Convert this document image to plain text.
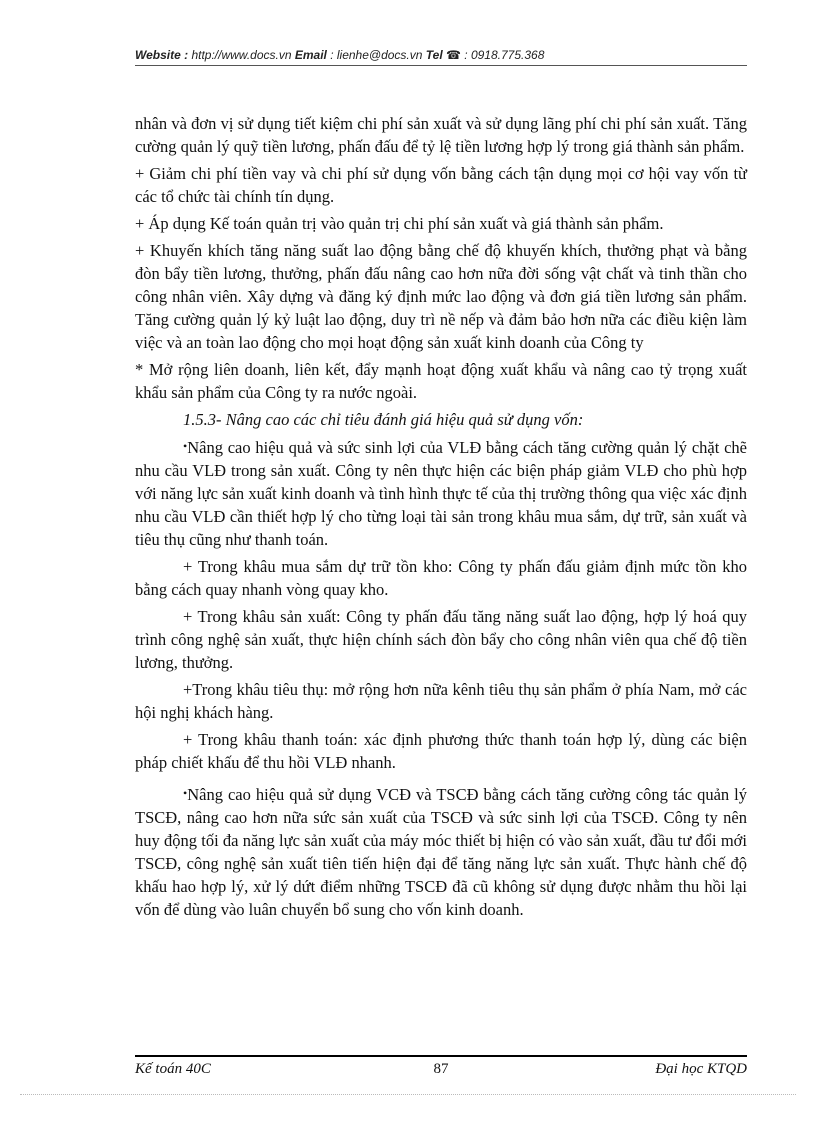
Website : http://www.docs.vn Email : lienhe@docs.vn Tel ☎ : 0918.775.368

nhân và đơn vị sử dụng tiết kiệm chi phí sản xuất và sử dụng lãng phí chi phí sản xuất. Tăng cường quản lý quỹ tiền lương, phấn đấu để tỷ lệ tiền lương hợp lý trong giá thành sản phẩm.

+ Giảm chi phí tiền vay và chi phí sử dụng vốn bằng cách tận dụng mọi cơ hội vay vốn từ các tổ chức tài chính tín dụng.

+ Áp dụng Kế toán quản trị vào quản trị chi phí sản xuất và giá thành sản phẩm.

+ Khuyến khích tăng năng suất lao động bằng chế độ khuyến khích, thưởng phạt và bằng đòn bẩy tiền lương, thưởng, phấn đấu nâng cao hơn nữa đời sống vật chất và tinh thần cho công nhân viên. Xây dựng và đăng ký định mức lao động và đơn giá tiền lương sản phẩm. Tăng cường quản lý kỷ luật lao động, duy trì nề nếp và đảm bảo hơn nữa các điều kiện làm việc và an toàn lao động cho mọi hoạt động sản xuất kinh doanh của Công ty

* Mở rộng liên doanh, liên kết, đẩy mạnh hoạt động xuất khẩu và nâng cao tỷ trọng xuất khẩu sản phẩm của Công ty ra nước ngoài.

1.5.3- Nâng cao các chỉ tiêu đánh giá hiệu quả sử dụng vốn:

•Nâng cao hiệu quả và sức sinh lợi của VLĐ bằng cách tăng cường quản lý chặt chẽ nhu cầu VLĐ trong sản xuất. Công ty nên thực hiện các biện pháp giảm VLĐ cho phù hợp với năng lực sản xuất kinh doanh và tình hình thực tế của thị trường thông qua việc xác định nhu cầu VLĐ cần thiết hợp lý cho từng loại tài sản trong khâu mua sắm, dự trữ, sản xuất và tiêu thụ cũng như thanh toán.

+ Trong khâu mua sắm dự trữ tồn kho: Công ty phấn đấu giảm định mức tồn kho bằng cách quay nhanh vòng quay kho.

+ Trong khâu sản xuất: Công ty phấn đấu tăng năng suất lao động, hợp lý hoá quy trình công nghệ sản xuất, thực hiện chính sách đòn bẩy cho công nhân viên qua chế độ tiền lương, thưởng.

+Trong khâu tiêu thụ: mở rộng hơn nữa kênh tiêu thụ sản phẩm ở phía Nam, mở các hội nghị khách hàng.

+ Trong khâu thanh toán: xác định phương thức thanh toán hợp lý, dùng các biện pháp chiết khấu để thu hồi VLĐ nhanh.

•Nâng cao hiệu quả sử dụng VCĐ và TSCĐ bằng cách tăng cường công tác quản lý TSCĐ, nâng cao hơn nữa sức sản xuất của TSCĐ và sức sinh lợi của TSCĐ. Công ty nên huy động tối đa năng lực sản xuất của máy móc thiết bị hiện có vào sản xuất, đầu tư đổi mới TSCĐ, công nghệ sản xuất tiên tiến hiện đại để tăng năng lực sản xuất. Thực hành chế độ khấu hao hợp lý, xử lý dứt điểm những TSCĐ đã cũ không sử dụng được nhằm thu hồi lại vốn để dùng vào luân chuyển bổ sung cho vốn kinh doanh.

Kế toán 40C	87	Đại học KTQD
